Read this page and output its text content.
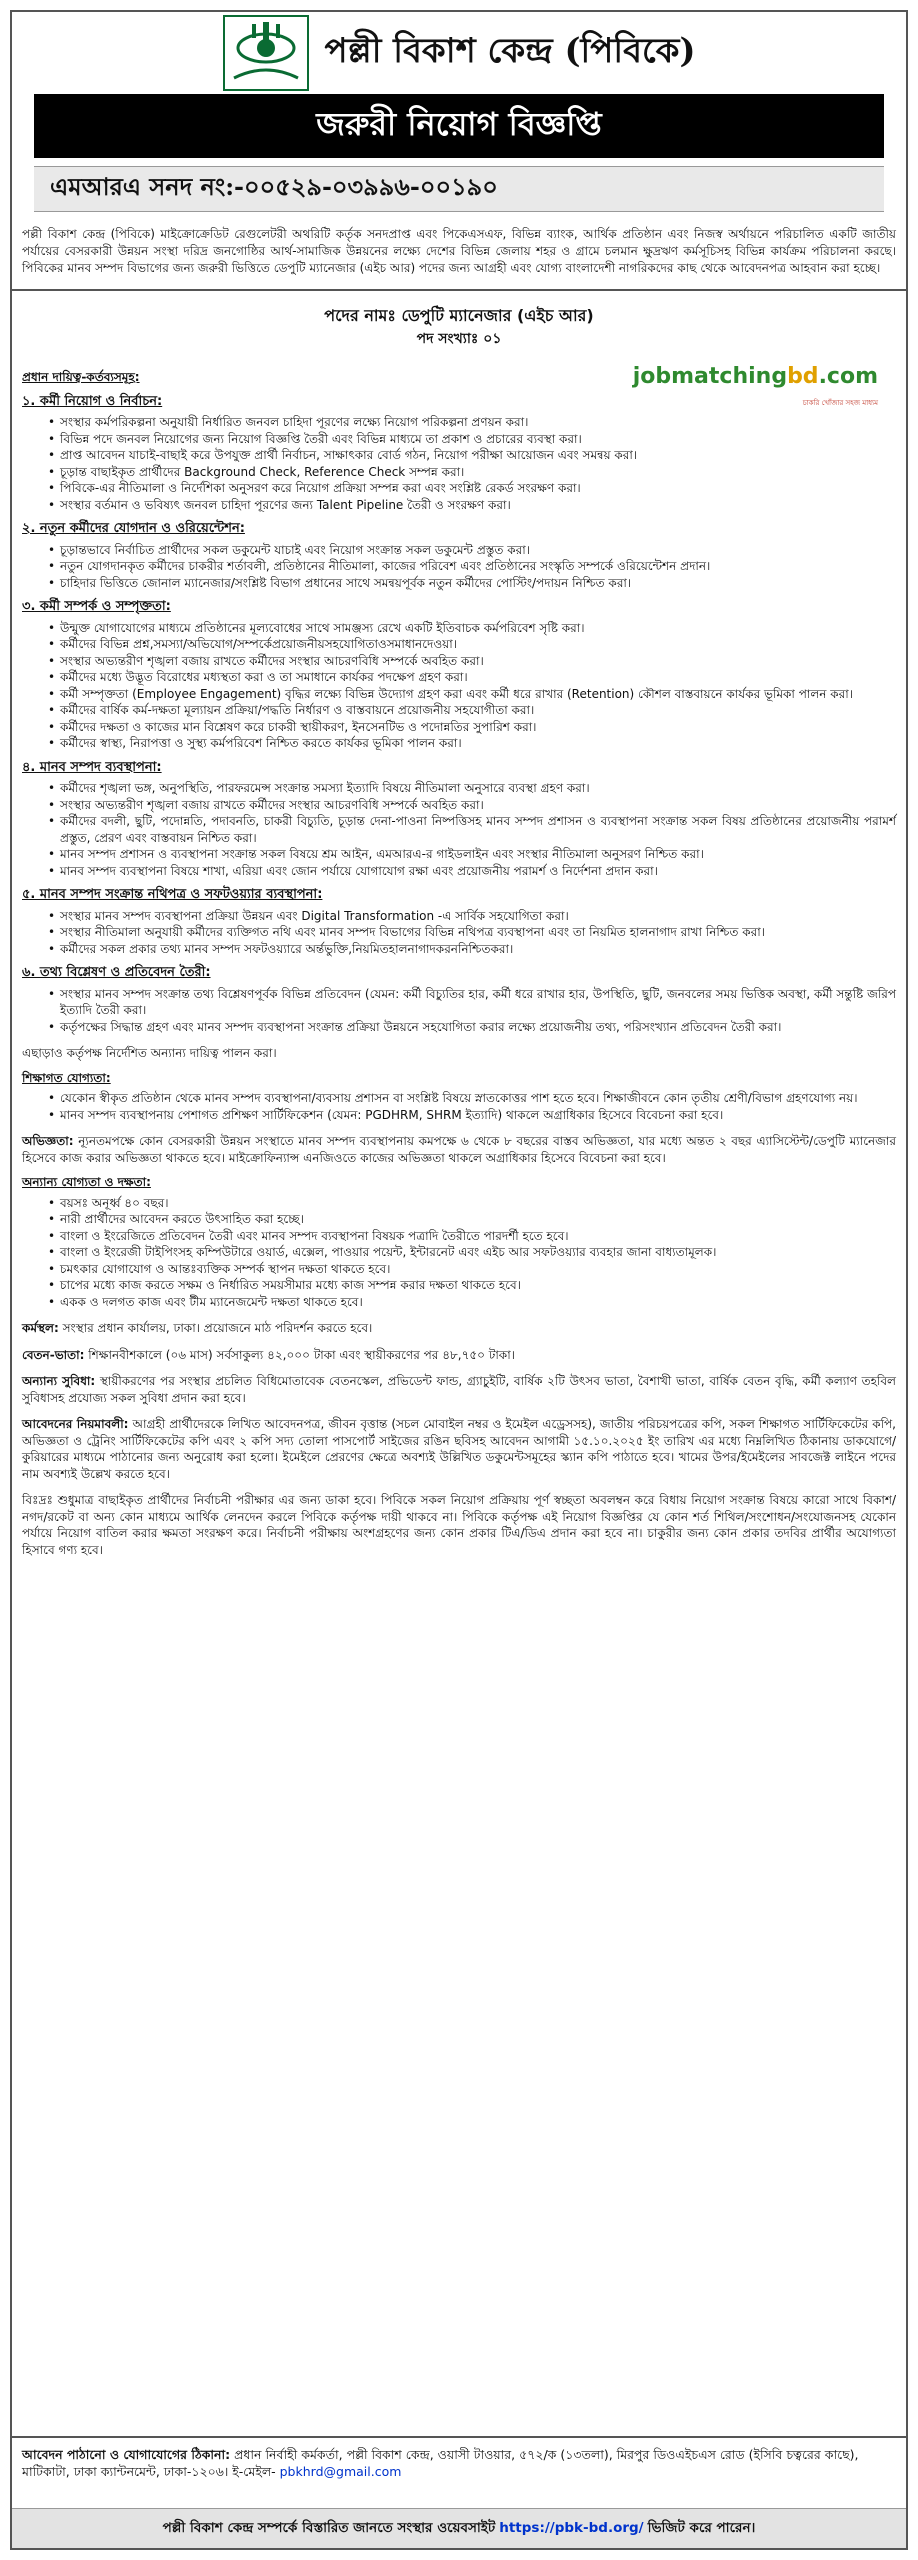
পল্লী বিকাশ কেন্দ্র (পিবিকে)
জরুরী নিয়োগ বিজ্ঞপ্তি
এমআরএ সনদ নং:-০০৫২৯-০৩৯৯৬-০০১৯০

পল্লী বিকাশ কেন্দ্র (পিবিকে) মাইক্রোক্রেডিট রেগুলেটরী অথরিটি কর্তৃক সনদপ্রাপ্ত এবং পিকেএসএফ, বিভিন্ন ব্যাংক, আর্থিক প্রতিষ্ঠান এবং নিজস্ব অর্থায়নে পরিচালিত একটি জাতীয় পর্যায়ের বেসরকারী উন্নয়ন সংস্থা দরিদ্র জনগোষ্ঠির আর্থ-সামাজিক উন্নয়নের লক্ষ্যে দেশের বিভিন্ন জেলায় শহর ও গ্রামে চলমান ক্ষুদ্রঋণ কর্মসূচিসহ বিভিন্ন কার্যক্রম পরিচালনা করছে। পিবিকের মানব সম্পদ বিভাগের জন্য জরুরী ভিত্তিতে ডেপুটি ম্যানেজার (এইচ আর) পদের জন্য আগ্রহী এবং যোগ্য বাংলাদেশী নাগরিকদের কাছ থেকে আবেদনপত্র আহবান করা হচ্ছে।

পদের নামঃ ডেপুটি ম্যানেজার (এইচ আর)
পদ সংখ্যাঃ ০১
প্রধান দায়িত্ব-কর্তব্যসমূহ:	jobmatchingbd.com
চাকরি খোঁজার সহজ মাধ্যম
১. কর্মী নিয়োগ ও নির্বাচন:
• সংস্থার কর্মপরিকল্পনা অনুযায়ী নির্ধারিত জনবল চাহিদা পূরণের লক্ষ্যে নিয়োগ পরিকল্পনা প্রণয়ন করা।
• বিভিন্ন পদে জনবল নিয়োগের জন্য নিয়োগ বিজ্ঞপ্তি তৈরী এবং বিভিন্ন মাধ্যমে তা প্রকাশ ও প্রচারের ব্যবস্থা করা।
• প্রাপ্ত আবেদন যাচাই-বাছাই করে উপযুক্ত প্রার্থী নির্বাচন, সাক্ষাৎকার বোর্ড গঠন, নিয়োগ পরীক্ষা আয়োজন এবং সমন্বয় করা।
• চূড়ান্ত বাছাইকৃত প্রার্থীদের Background Check, Reference Check সম্পন্ন করা।
• পিবিকে-এর নীতিমালা ও নির্দেশিকা অনুসরণ করে নিয়োগ প্রক্রিয়া সম্পন্ন করা এবং সংশ্লিষ্ট রেকর্ড সংরক্ষণ করা।
• সংস্থার বর্তমান ও ভবিষ্যৎ জনবল চাহিদা পূরণের জন্য Talent Pipeline তৈরী ও সংরক্ষণ করা।
২. নতুন কর্মীদের যোগদান ও ওরিয়েন্টেশন:
• চূড়ান্তভাবে নির্বাচিত প্রার্থীদের সকল ডকুমেন্ট যাচাই এবং নিয়োগ সংক্রান্ত সকল ডকুমেন্ট প্রস্তুত করা।
• নতুন যোগদানকৃত কর্মীদের চাকরীর শর্তাবলী, প্রতিষ্ঠানের নীতিমালা, কাজের পরিবেশ এবং প্রতিষ্ঠানের সংস্কৃতি সম্পর্কে ওরিয়েন্টেশন প্রদান।
• চাহিদার ভিত্তিতে জোনাল ম্যানেজার/সংশ্লিষ্ট বিভাগ প্রধানের সাথে সমন্বয়পূর্বক নতুন কর্মীদের পোস্টিং/পদায়ন নিশ্চিত করা।
৩. কর্মী সম্পর্ক ও সম্পৃক্ততা:
• উন্মুক্ত যোগাযোগের মাধ্যমে প্রতিষ্ঠানের মূল্যবোধের সাথে সামঞ্জস্য রেখে একটি ইতিবাচক কর্মপরিবেশ সৃষ্টি করা।
• কর্মীদের বিভিন্ন প্রশ্ন,সমস্যা/অভিযোগ/সম্পর্কেপ্রয়োজনীয়সহযোগিতাওসমাধানদেওয়া।
• সংস্থার অভ্যন্তরীণ শৃঙ্খলা বজায় রাখতে কর্মীদের সংস্থার আচরণবিধি সম্পর্কে অবহিত করা।
• কর্মীদের মধ্যে উদ্ভূত বিরোধের মধ্যস্থতা করা ও তা সমাধানে কার্যকর পদক্ষেপ গ্রহণ করা।
• কর্মী সম্পৃক্ততা (Employee Engagement) বৃদ্ধির লক্ষ্যে বিভিন্ন উদ্যোগ গ্রহণ করা এবং কর্মী ধরে রাখার (Retention) কৌশল বাস্তবায়নে কার্যকর ভূমিকা পালন করা।
• কর্মীদের বার্ষিক কর্ম-দক্ষতা মূল্যায়ন প্রক্রিয়া/পদ্ধতি নির্ধারণ ও বাস্তবায়নে প্রয়োজনীয় সহযোগীতা করা।
• কর্মীদের দক্ষতা ও কাজের মান বিশ্লেষণ করে চাকরী স্থায়ীকরণ, ইনসেনটিভ ও পদোন্নতির সুপারিশ করা।
• কর্মীদের স্বাস্থ্য, নিরাপত্তা ও সুস্থ্য কর্মপরিবেশ নিশ্চিত করতে কার্যকর ভূমিকা পালন করা।
৪. মানব সম্পদ ব্যবস্থাপনা:
• কর্মীদের শৃঙ্খলা ভঙ্গ, অনুপস্থিতি, পারফরমেন্স সংক্রান্ত সমস্যা ইত্যাদি বিষয়ে নীতিমালা অনুসারে ব্যবস্থা গ্রহণ করা।
• সংস্থার অভ্যন্তরীণ শৃঙ্খলা বজায় রাখতে কর্মীদের সংস্থার আচরণবিধি সম্পর্কে অবহিত করা।
• কর্মীদের বদলী, ছুটি, পদোন্নতি, পদাবনতি, চাকরী বিচ্যুতি, চূড়ান্ত দেনা-পাওনা নিষ্পত্তিসহ মানব সম্পদ প্রশাসন ও ব্যবস্থাপনা সংক্রান্ত সকল বিষয় প্রতিষ্ঠানের প্রয়োজনীয় পরামর্শ প্রস্তুত, প্রেরণ এবং বাস্তবায়ন নিশ্চিত করা।
• মানব সম্পদ প্রশাসন ও ব্যবস্থাপনা সংক্রান্ত সকল বিষয়ে শ্রম আইন, এমআরএ-র গাইডলাইন এবং সংস্থার নীতিমালা অনুসরণ নিশ্চিত করা।
• মানব সম্পদ ব্যবস্থাপনা বিষয়ে শাখা, এরিয়া এবং জোন পর্যায়ে যোগাযোগ রক্ষা এবং প্রয়োজনীয় পরামর্শ ও নির্দেশনা প্রদান করা।
৫. মানব সম্পদ সংক্রান্ত নথিপত্র ও সফটওয়্যার ব্যবস্থাপনা:
• সংস্থার মানব সম্পদ ব্যবস্থাপনা প্রক্রিয়া উন্নয়ন এবং Digital Transformation -এ সার্বিক সহযোগিতা করা।
• সংস্থার নীতিমালা অনুযায়ী কর্মীদের ব্যক্তিগত নথি এবং মানব সম্পদ বিভাগের বিভিন্ন নথিপত্র ব্যবস্থাপনা এবং তা নিয়মিত হালনাগাদ রাখা নিশ্চিত করা।
• কর্মীদের সকল প্রকার তথ্য মানব সম্পদ সফটওয়্যারে অর্ন্তভুক্তি,নিয়মিতহালনাগাদকরননিশ্চিতকরা।
৬. তথ্য বিশ্লেষণ ও প্রতিবেদন তৈরী:
• সংস্থার মানব সম্পদ সংক্রান্ত তথ্য বিশ্লেষণপূর্বক বিভিন্ন প্রতিবেদন (যেমন: কর্মী বিচ্যুতির হার, কর্মী ধরে রাখার হার, উপস্থিতি, ছুটি, জনবলের সময় ভিত্তিক অবস্থা, কর্মী সন্তুষ্টি জরিপ ইত্যাদি তৈরী করা।
• কর্তৃপক্ষের সিদ্ধান্ত গ্রহণ এবং মানব সম্পদ ব্যবস্থাপনা সংক্রান্ত প্রক্রিয়া উন্নয়নে সহযোগিতা করার লক্ষ্যে প্রয়োজনীয় তথ্য, পরিসংখ্যান প্রতিবেদন তৈরী করা।
এছাড়াও কর্তৃপক্ষ নির্দেশিত অন্যান্য দায়িত্ব পালন করা।
শিক্ষাগত যোগ্যতা:
• যেকোন স্বীকৃত প্রতিষ্ঠান থেকে মানব সম্পদ ব্যবস্থাপনা/ব্যবসায় প্রশাসন বা সংশ্লিষ্ট বিষয়ে স্নাতকোত্তর পাশ হতে হবে। শিক্ষাজীবনে কোন তৃতীয় শ্রেণী/বিভাগ গ্রহণযোগ্য নয়।
• মানব সম্পদ ব্যবস্থাপনায় পেশাগত প্রশিক্ষণ সার্টিফিকেশন (যেমন: PGDHRM, SHRM ইত্যাদি) থাকলে অগ্রাধিকার হিসেবে বিবেচনা করা হবে।
অভিজ্ঞতা: ন্যূনতমপক্ষে কোন বেসরকারী উন্নয়ন সংস্থাতে মানব সম্পদ ব্যবস্থাপনায় কমপক্ষে ৬ থেকে ৮ বছরের বাস্তব অভিজ্ঞতা, যার মধ্যে অন্তত ২ বছর এ্যাসিস্টেন্ট/ডেপুটি ম্যানেজার হিসেবে কাজ করার অভিজ্ঞতা থাকতে হবে। মাইক্রোফিন্যান্স এনজিওতে কাজের অভিজ্ঞতা থাকলে অগ্রাধিকার হিসেবে বিবেচনা করা হবে।
অন্যান্য যোগ্যতা ও দক্ষতা:
• বয়সঃ অনূর্ধ্ব ৪০ বছর।
• নারী প্রার্থীদের আবেদন করতে উৎসাহিত করা হচ্ছে।
• বাংলা ও ইংরেজিতে প্রতিবেদন তৈরী এবং মানব সম্পদ ব্যবস্থাপনা বিষয়ক পত্রাদি তৈরীতে পারদর্শী হতে হবে।
• বাংলা ও ইংরেজী টাইপিংসহ কম্পিউটারে ওয়ার্ড, এক্সেল, পাওয়ার পয়েন্ট, ইন্টারনেট এবং এইচ আর সফটওয়্যার ব্যবহার জানা বাধ্যতামূলক।
• চমৎকার যোগাযোগ ও আন্তঃব্যক্তিক সম্পর্ক স্থাপন দক্ষতা থাকতে হবে।
• চাপের মধ্যে কাজ করতে সক্ষম ও নির্ধারিত সময়সীমার মধ্যে কাজ সম্পন্ন করার দক্ষতা থাকতে হবে।
• একক ও দলগত কাজ এবং টীম ম্যানেজমেন্ট দক্ষতা থাকতে হবে।
কর্মস্থল: সংস্থার প্রধান কার্যালয়, ঢাকা। প্রয়োজনে মাঠ পরিদর্শন করতে হবে।
বেতন-ভাতা: শিক্ষানবীশকালে (০৬ মাস) সর্বসাকুল্য ৪২,০০০ টাকা এবং স্থায়ীকরণের পর ৪৮,৭৫০ টাকা।
অন্যান্য সুবিধা: স্থায়ীকরণের পর সংস্থার প্রচলিত বিধিমোতাবেক বেতনস্কেল, প্রভিডেন্ট ফান্ড, গ্র্যাচুইটি, বার্ষিক ২টি উৎসব ভাতা, বৈশাখী ভাতা, বার্ষিক বেতন বৃদ্ধি, কর্মী কল্যাণ তহবিল সুবিধাসহ প্রযোজ্য সকল সুবিধা প্রদান করা হবে।
আবেদনের নিয়মাবলী: আগ্রহী প্রার্থীদেরকে লিখিত আবেদনপত্র, জীবন বৃত্তান্ত (সচল মোবাইল নম্বর ও ইমেইল এড্রেসসহ), জাতীয় পরিচয়পত্রের কপি, সকল শিক্ষাগত সার্টিফিকেটের কপি, অভিজ্ঞতা ও ট্রেনিং সার্টিফিকেটের কপি এবং ২ কপি সদ্য তোলা পাসপোর্ট সাইজের রঙিন ছবিসহ আবেদন আগামী ১৫.১০.২০২৫ ইং তারিখ এর মধ্যে নিম্নলিখিত ঠিকানায় ডাকযোগে/কুরিয়ারের মাধ্যমে পাঠানোর জন্য অনুরোধ করা হলো। ইমেইলে প্রেরণের ক্ষেত্রে অবশ্যই উল্লিখিত ডকুমেন্টসমূহের স্ক্যান কপি পাঠাতে হবে। খামের উপর/ইমেইলের সাবজেক্ট লাইনে পদের নাম অবশ্যই উল্লেখ করতে হবে।
বিঃদ্রঃ শুধুমাত্র বাছাইকৃত প্রার্থীদের নির্বাচনী পরীক্ষার এর জন্য ডাকা হবে। পিবিকে সকল নিয়োগ প্রক্রিয়ায় পূর্ণ স্বচ্ছতা অবলম্বন করে বিধায় নিয়োগ সংক্রান্ত বিষয়ে কারো সাথে বিকাশ/নগদ/রকেট বা অন্য কোন মাধ্যমে আর্থিক লেনদেন করলে পিবিকে কর্তৃপক্ষ দায়ী থাকবে না। পিবিকে কর্তৃপক্ষ এই নিয়োগ বিজ্ঞপ্তির যে কোন শর্ত শিথিল/সংশোধন/সংযোজনসহ যেকোন পর্যায়ে নিয়োগ বাতিল করার ক্ষমতা সংরক্ষণ করে। নির্বাচনী পরীক্ষায় অংশগ্রহণের জন্য কোন প্রকার টিএ/ডিএ প্রদান করা হবে না। চাকুরীর জন্য কোন প্রকার তদবির প্রার্থীর অযোগ্যতা হিসাবে গণ্য হবে।
আবেদন পাঠানো ও যোগাযোগের ঠিকানা: প্রধান নির্বাহী কর্মকর্তা, পল্লী বিকাশ কেন্দ্র, ওয়াসী টাওয়ার, ৫৭২/ক (১৩তলা), মিরপুর ডিওএইচএস রোড (ইসিবি চত্বরের কাছে), মাটিকাটা, ঢাকা ক্যান্টনমেন্ট, ঢাকা-১২০৬। ই-মেইল- pbkhrd@gmail.com
পল্লী বিকাশ কেন্দ্র সম্পর্কে বিস্তারিত জানতে সংস্থার ওয়েবসাইট https://pbk-bd.org/ ভিজিট করে পারেন।
